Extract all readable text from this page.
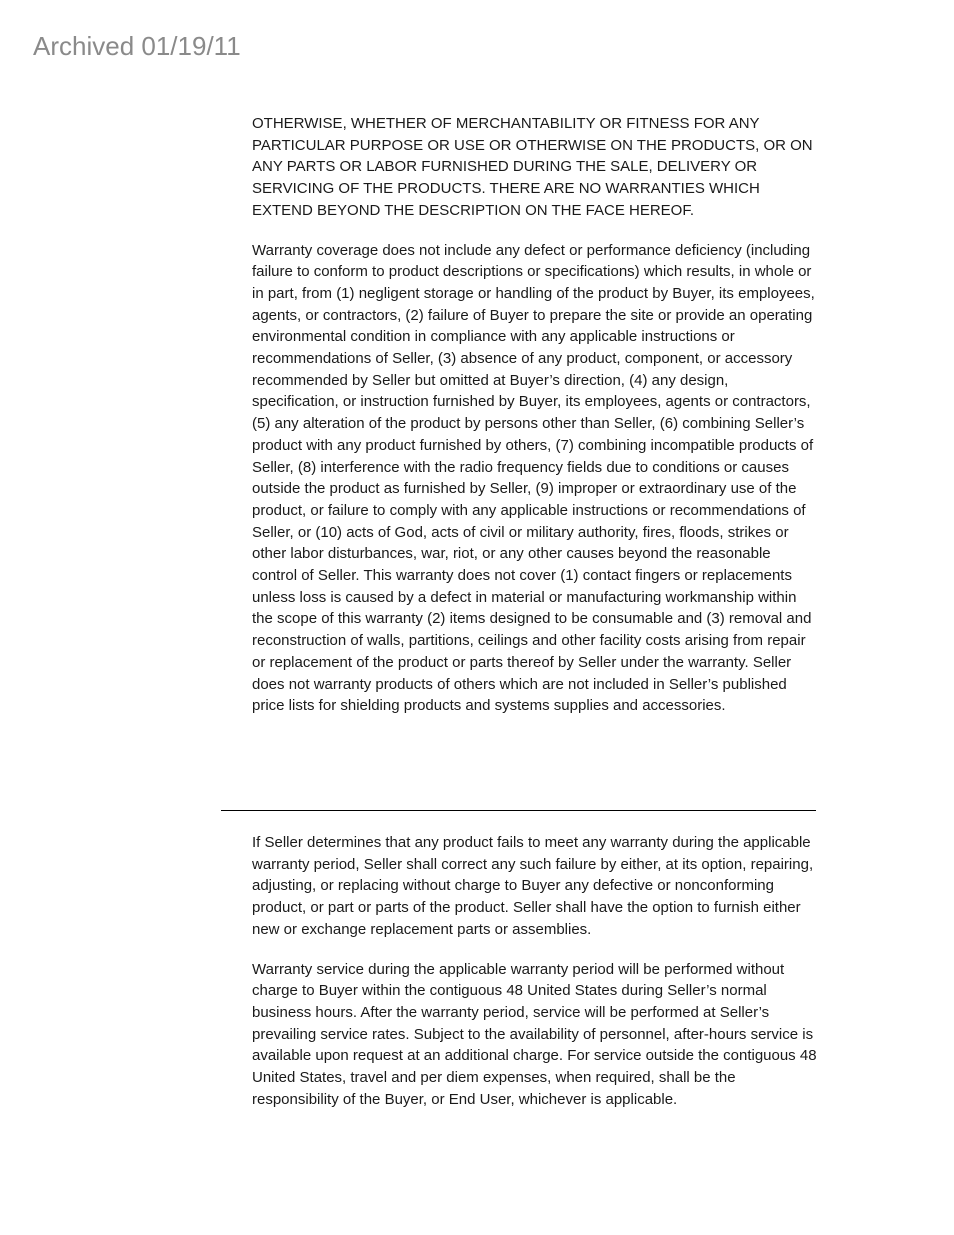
Archived 01/19/11

OTHERWISE, WHETHER OF MERCHANTABILITY OR FITNESS FOR ANY PARTICULAR PURPOSE OR USE OR OTHERWISE ON THE PRODUCTS, OR ON ANY PARTS OR LABOR FURNISHED DURING THE SALE, DELIVERY OR SERVICING OF THE PRODUCTS. THERE ARE NO WARRANTIES WHICH EXTEND BEYOND THE DESCRIPTION ON THE FACE HEREOF.

Warranty coverage does not include any defect or performance deficiency (including failure to conform to product descriptions or specifications) which results, in whole or in part, from (1) negligent storage or handling of the product by Buyer, its employees, agents, or contractors, (2) failure of Buyer to prepare the site or provide an operating environmental condition in compliance with any applicable instructions or recommendations of Seller, (3) absence of any product, component, or accessory recommended by Seller but omitted at Buyer’s direction, (4) any design, specification, or instruction furnished by Buyer, its employees, agents or contractors, (5) any alteration of the product by persons other than Seller, (6) combining Seller’s product with any product furnished by others, (7) combining incompatible products of Seller, (8) interference with the radio frequency fields due to conditions or causes outside the product as furnished by Seller, (9) improper or extraordinary use of the product, or failure to comply with any applicable instructions or recommendations of Seller, or (10) acts of God, acts of civil or military authority, fires, floods, strikes or other labor disturbances, war, riot, or any other causes beyond the reasonable control of Seller. This warranty does not cover (1) contact fingers or replacements unless loss is caused by a defect in material or manufacturing workmanship within the scope of this warranty (2) items designed to be consumable and (3) removal and reconstruction of walls, partitions, ceilings and other facility costs arising from repair or replacement of the product or parts thereof by Seller under the warranty. Seller does not warranty products of others which are not included in Seller’s published price lists for shielding products and systems supplies and accessories.

If Seller determines that any product fails to meet any warranty during the applicable warranty period, Seller shall correct any such failure by either, at its option, repairing, adjusting, or replacing without charge to Buyer any defective or nonconforming product, or part or parts of the product. Seller shall have the option to furnish either new or exchange replacement parts or assemblies.

Warranty service during the applicable warranty period will be performed without charge to Buyer within the contiguous 48 United States during Seller’s normal business hours. After the warranty period, service will be performed at Seller’s prevailing service rates. Subject to the availability of personnel, after-hours service is available upon request at an additional charge. For service outside the contiguous 48 United States, travel and per diem expenses, when required, shall be the responsibility of the Buyer, or End User, whichever is applicable.
